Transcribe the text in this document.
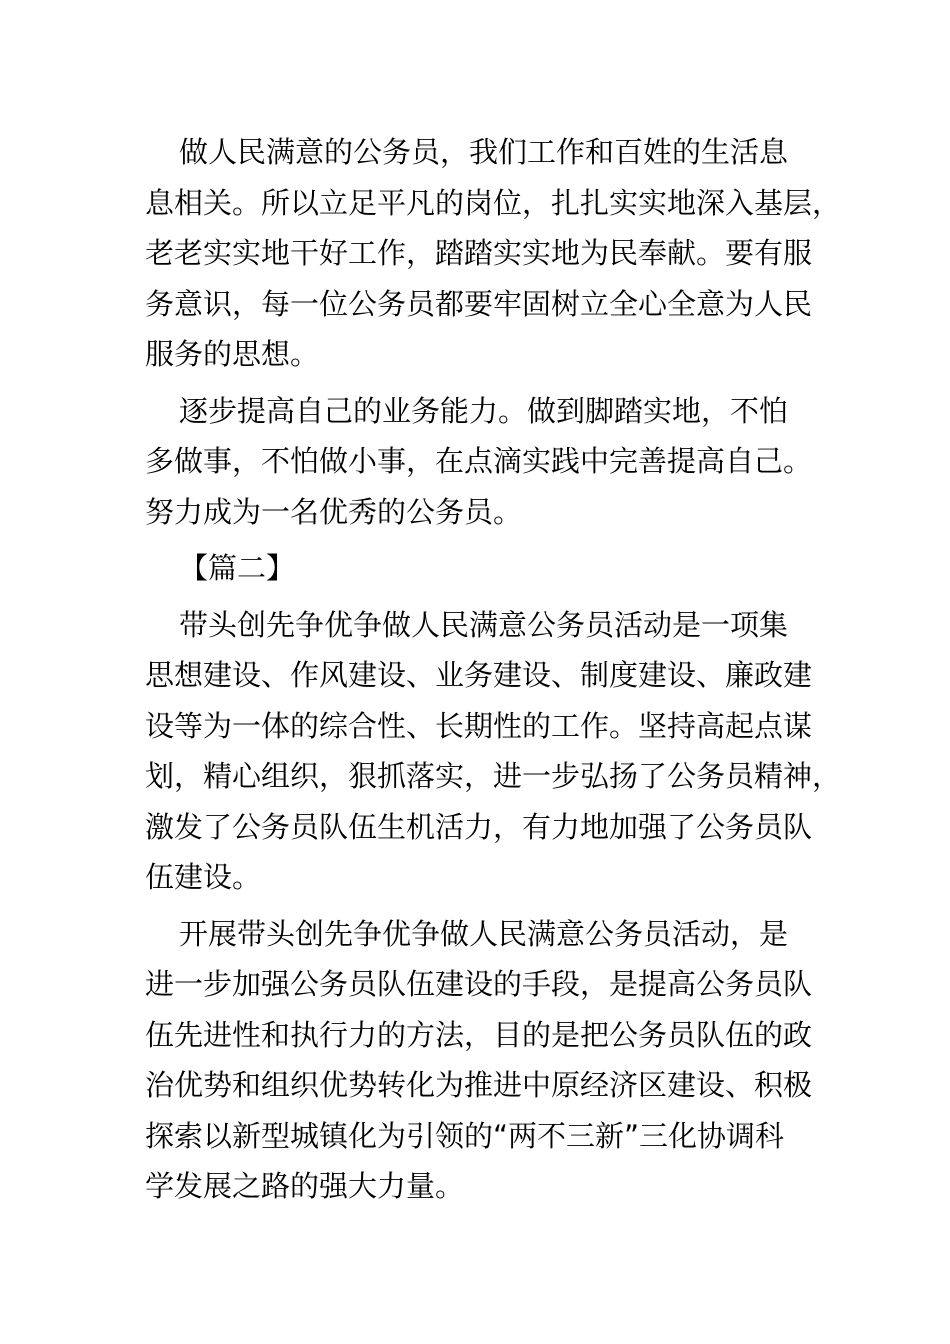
做人民满意的公务员，我们工作和百姓的生活息
息相关。所以立足平凡的岗位，扎扎实实地深入基层，
老老实实地干好工作，踏踏实实地为民奉献。要有服
务意识，每一位公务员都要牢固树立全心全意为人民
服务的思想。

逐步提高自己的业务能力。做到脚踏实地，不怕
多做事，不怕做小事，在点滴实践中完善提高自己。
努力成为一名优秀的公务员。

【篇二】

带头创先争优争做人民满意公务员活动是一项集
思想建设、作风建设、业务建设、制度建设、廉政建
设等为一体的综合性、长期性的工作。坚持高起点谋
划，精心组织，狠抓落实，进一步弘扬了公务员精神，
激发了公务员队伍生机活力，有力地加强了公务员队
伍建设。

开展带头创先争优争做人民满意公务员活动，是
进一步加强公务员队伍建设的手段，是提高公务员队
伍先进性和执行力的方法，目的是把公务员队伍的政
治优势和组织优势转化为推进中原经济区建设、积极
探索以新型城镇化为引领的“两不三新”三化协调科
学发展之路的强大力量。
